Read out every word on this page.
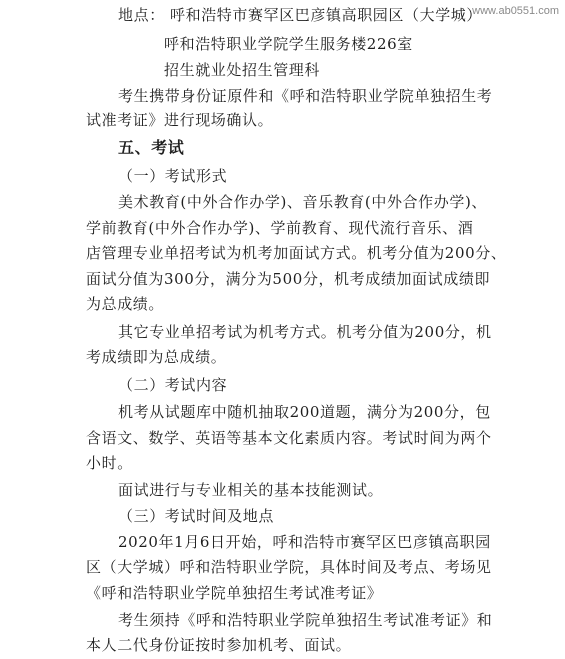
www.ab0551.com
地点： 呼和浩特市赛罕区巴彦镇高职园区（大学城）
呼和浩特职业学院学生服务楼226室
招生就业处招生管理科
考生携带身份证原件和《呼和浩特职业学院单独招生考
试准考证》进行现场确认。
五、考试
（一）考试形式
美术教育(中外合作办学)、音乐教育(中外合作办学)、
学前教育(中外合作办学)、学前教育、现代流行音乐、酒
店管理专业单招考试为机考加面试方式。机考分值为200分、
面试分值为300分，满分为500分，机考成绩加面试成绩即
为总成绩。
其它专业单招考试为机考方式。机考分值为200分，机
考成绩即为总成绩。
（二）考试内容
机考从试题库中随机抽取200道题，满分为200分，包
含语文、数学、英语等基本文化素质内容。考试时间为两个
小时。
面试进行与专业相关的基本技能测试。
（三）考试时间及地点
2020年1月6日开始，呼和浩特市赛罕区巴彦镇高职园
区（大学城）呼和浩特职业学院，具体时间及考点、考场见
《呼和浩特职业学院单独招生考试准考证》
考生须持《呼和浩特职业学院单独招生考试准考证》和
本人二代身份证按时参加机考、面试。
